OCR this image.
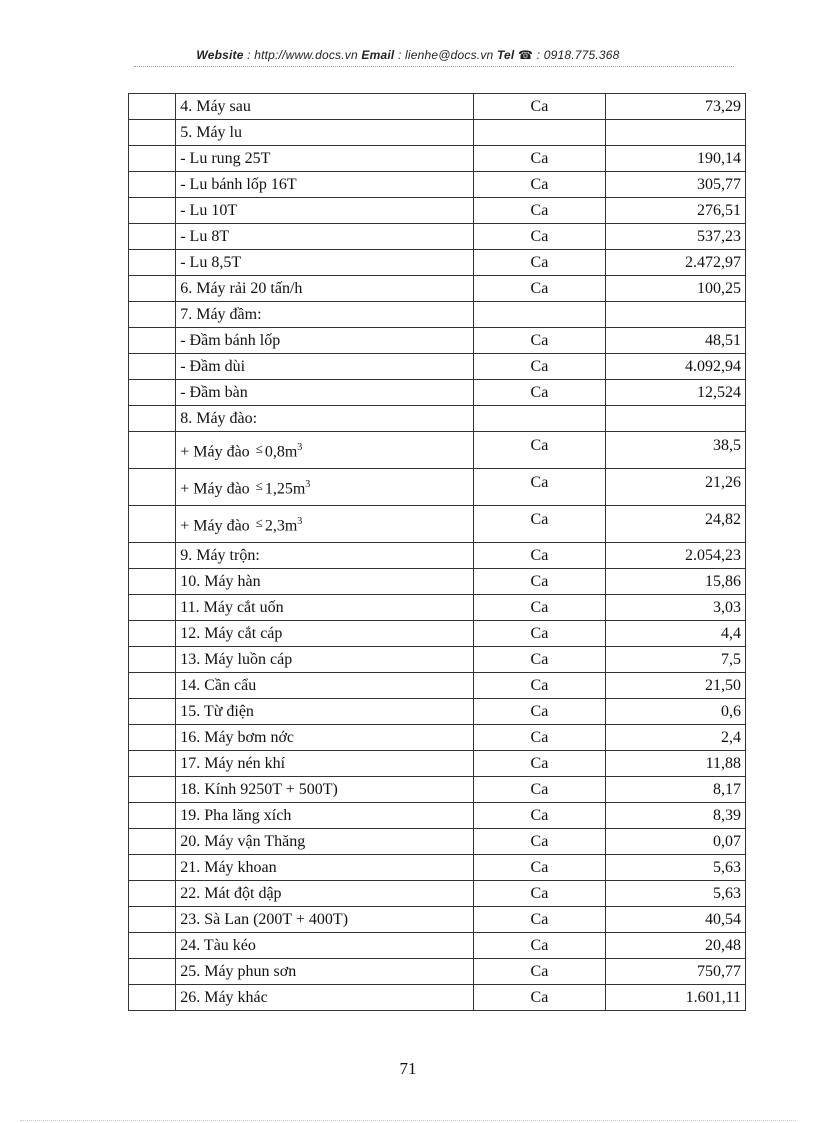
Website : http://www.docs.vn Email : lienhe@docs.vn Tel ☎ : 0918.775.368
	4. Máy sau	Ca	73,29
	5. Máy lu		
	- Lu rung 25T	Ca	190,14
	- Lu bánh lốp 16T	Ca	305,77
	- Lu 10T	Ca	276,51
	- Lu 8T	Ca	537,23
	- Lu 8,5T	Ca	2.472,97
	6. Máy rải 20 tấn/h	Ca	100,25
	7. Máy đầm:		
	- Đầm bánh lốp	Ca	48,51
	- Đầm dùi	Ca	4.092,94
	- Đầm bàn	Ca	12,524
	8. Máy đào:		
	+ Máy đào ≤ $0,8m^3$	Ca	38,5
	+ Máy đào ≤ $1,25m^3$	Ca	21,26
	+ Máy đào ≤ $2,3m^3$	Ca	24,82
	9. Máy trộn:	Ca	2.054,23
	10. Máy hàn	Ca	15,86
	11. Máy cắt uốn	Ca	3,03
	12. Máy cắt cáp	Ca	4,4
	13. Máy luồn cáp	Ca	7,5
	14. Cần cẩu	Ca	21,50
	15. Từ điện	Ca	0,6
	16. Máy bơm nớc	Ca	2,4
	17. Máy nén khí	Ca	11,88
	18. Kính 9250T + 500T)	Ca	8,17
	19. Pha lăng xích	Ca	8,39
	20. Máy vận Thăng	Ca	0,07
	21. Máy khoan	Ca	5,63
	22. Mát đột dập	Ca	5,63
	23. Sà Lan (200T + 400T)	Ca	40,54
	24. Tàu kéo	Ca	20,48
	25. Máy phun sơn	Ca	750,77
	26. Máy khác	Ca	1.601,11
71
